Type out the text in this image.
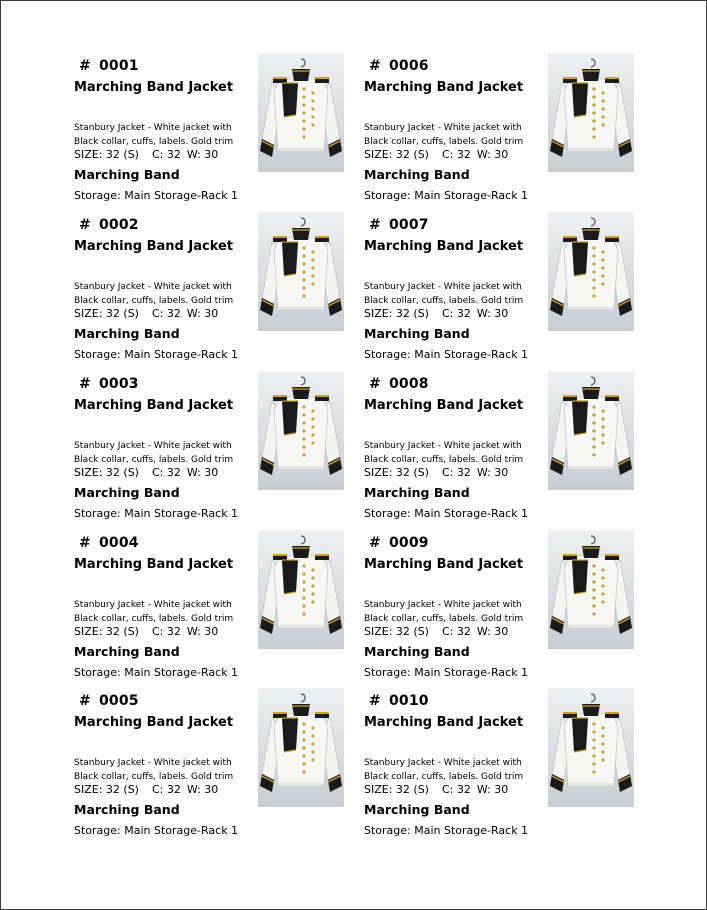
# 0001
Marching Band Jacket
Stanbury Jacket - White jacket with
Black collar, cuffs, labels. Gold trim
SIZE: 32 (S) C: 32 W: 30
Marching Band
Storage: Main Storage-Rack 1
# 0002
Marching Band Jacket
Stanbury Jacket - White jacket with
Black collar, cuffs, labels. Gold trim
SIZE: 32 (S) C: 32 W: 30
Marching Band
Storage: Main Storage-Rack 1
# 0003
Marching Band Jacket
Stanbury Jacket - White jacket with
Black collar, cuffs, labels. Gold trim
SIZE: 32 (S) C: 32 W: 30
Marching Band
Storage: Main Storage-Rack 1
# 0004
Marching Band Jacket
Stanbury Jacket - White jacket with
Black collar, cuffs, labels. Gold trim
SIZE: 32 (S) C: 32 W: 30
Marching Band
Storage: Main Storage-Rack 1
# 0005
Marching Band Jacket
Stanbury Jacket - White jacket with
Black collar, cuffs, labels. Gold trim
SIZE: 32 (S) C: 32 W: 30
Marching Band
Storage: Main Storage-Rack 1
# 0006
Marching Band Jacket
Stanbury Jacket - White jacket with
Black collar, cuffs, labels. Gold trim
SIZE: 32 (S) C: 32 W: 30
Marching Band
Storage: Main Storage-Rack 1
# 0007
Marching Band Jacket
Stanbury Jacket - White jacket with
Black collar, cuffs, labels. Gold trim
SIZE: 32 (S) C: 32 W: 30
Marching Band
Storage: Main Storage-Rack 1
# 0008
Marching Band Jacket
Stanbury Jacket - White jacket with
Black collar, cuffs, labels. Gold trim
SIZE: 32 (S) C: 32 W: 30
Marching Band
Storage: Main Storage-Rack 1
# 0009
Marching Band Jacket
Stanbury Jacket - White jacket with
Black collar, cuffs, labels. Gold trim
SIZE: 32 (S) C: 32 W: 30
Marching Band
Storage: Main Storage-Rack 1
# 0010
Marching Band Jacket
Stanbury Jacket - White jacket with
Black collar, cuffs, labels. Gold trim
SIZE: 32 (S) C: 32 W: 30
Marching Band
Storage: Main Storage-Rack 1
